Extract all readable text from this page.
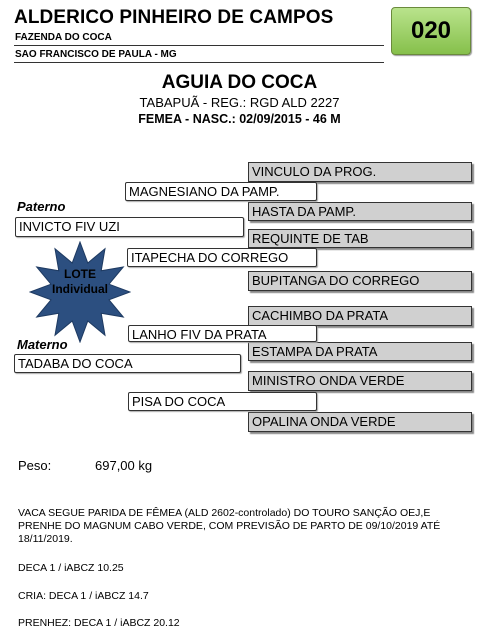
ALDERICO PINHEIRO DE CAMPOS
FAZENDA DO COCA
SAO FRANCISCO DE PAULA - MG
020
AGUIA DO COCA
TABAPUÃ - REG.: RGD ALD 2227
FEMEA - NASC.: 02/09/2015 - 46 M
VINCULO DA PROG.
HASTA DA PAMP.
REQUINTE DE TAB
BUPITANGA DO CORREGO
CACHIMBO DA PRATA
ESTAMPA DA PRATA
MINISTRO ONDA VERDE
OPALINA ONDA VERDE
MAGNESIANO DA PAMP.
ITAPECHA DO CORREGO
LANHO FIV DA PRATA
PISA DO COCA
Paterno
INVICTO FIV UZI
Materno
TADABA DO COCA
LOTE
Individual
Peso:	697,00 kg
VACA SEGUE PARIDA DE FÊMEA (ALD 2602-controlado) DO TOURO SANÇÃO OEJ,E PRENHE DO MAGNUM CABO VERDE, COM PREVISÃO DE PARTO DE 09/10/2019 ATÉ 18/11/2019.
DECA 1 / iABCZ 10.25
CRIA: DECA 1 / iABCZ 14.7
PRENHEZ: DECA 1 / iABCZ 20.12
